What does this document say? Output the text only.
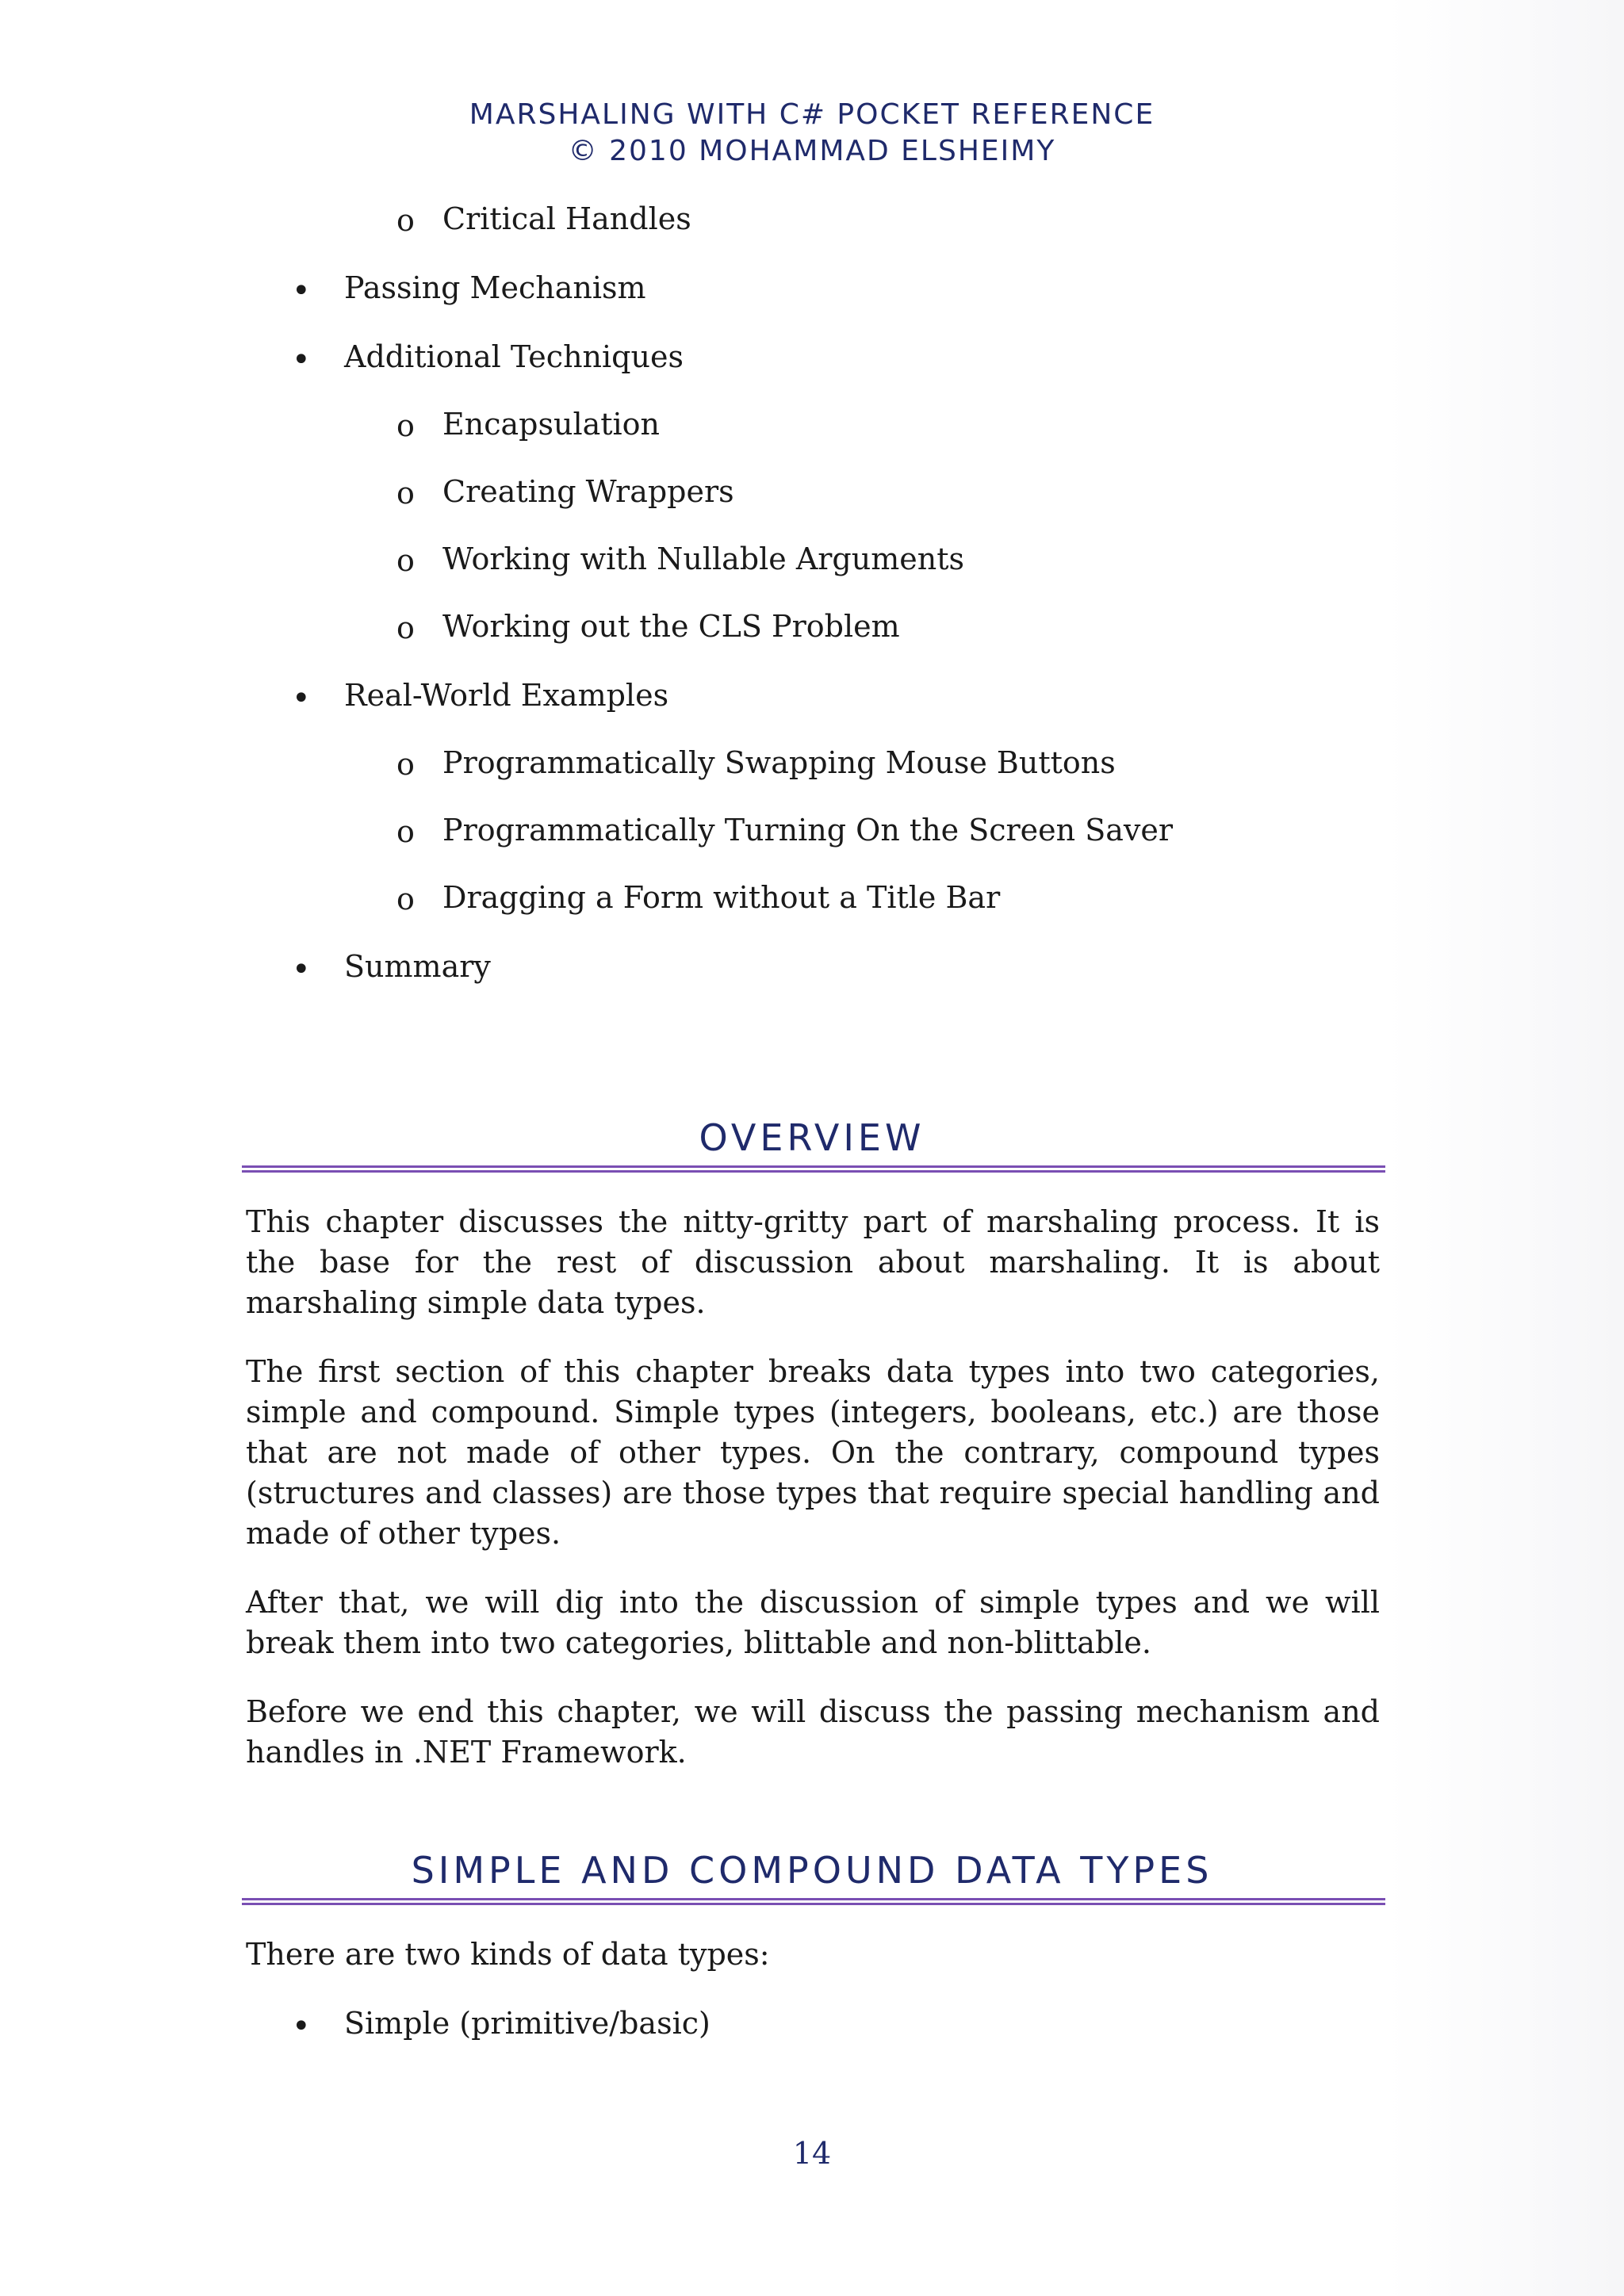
MARSHALING WITH C# POCKET REFERENCE
© 2010 MOHAMMAD ELSHEIMY
o Critical Handles
• Passing Mechanism
• Additional Techniques
o Encapsulation
o Creating Wrappers
o Working with Nullable Arguments
o Working out the CLS Problem
• Real-World Examples
o Programmatically Swapping Mouse Buttons
o Programmatically Turning On the Screen Saver
o Dragging a Form without a Title Bar
• Summary
OVERVIEW

This chapter discusses the nitty-gritty part of marshaling process. It is the base for the rest of discussion about marshaling. It is about marshaling simple data types.

The first section of this chapter breaks data types into two categories, simple and compound. Simple types (integers, booleans, etc.) are those that are not made of other types. On the contrary, compound types (structures and classes) are those types that require special handling and made of other types.

After that, we will dig into the discussion of simple types and we will break them into two categories, blittable and non-blittable.

Before we end this chapter, we will discuss the passing mechanism and handles in .NET Framework.

SIMPLE AND COMPOUND DATA TYPES

There are two kinds of data types:

• Simple (primitive/basic)
14
